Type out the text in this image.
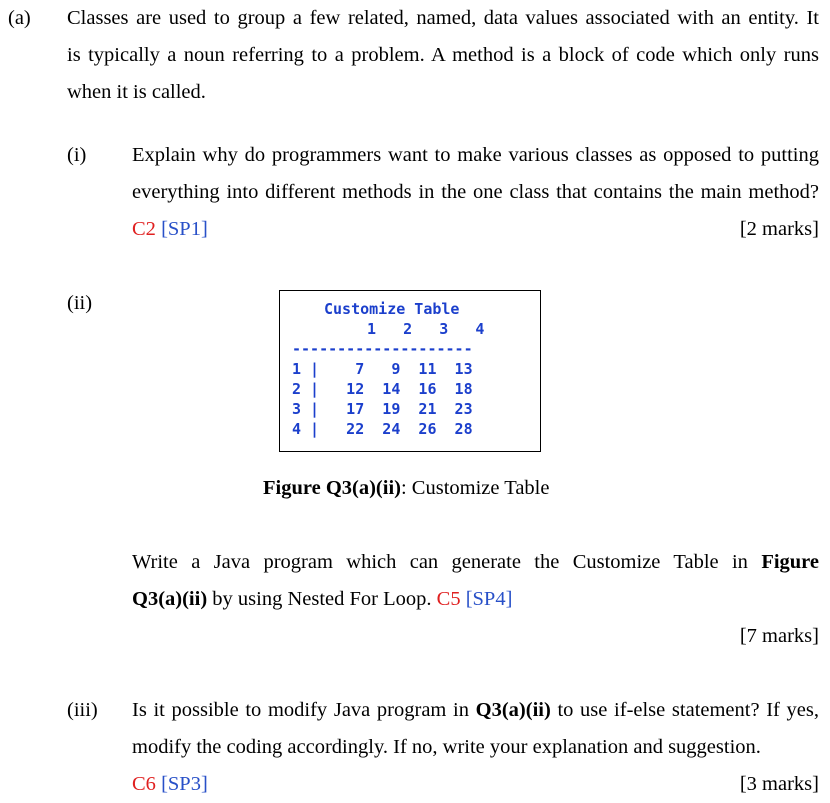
(a) Classes are used to group a few related, named, data values associated with an entity. It
is typically a noun referring to a problem. A method is a block of code which only runs
when it is called.
(i) Explain why do programmers want to make various classes as opposed to putting
everything into different methods in the one class that contains the main method?
C2 [SP1]	[2 marks]
(ii)	Customize Table
1   2   3   4
--------------------
1 |    7   9  11  13
2 |   12  14  16  18
3 |   17  19  21  23
4 |   22  24  26  28
Figure Q3(a)(ii): Customize Table
Write a Java program which can generate the Customize Table in Figure
Q3(a)(ii) by using Nested For Loop. C5 [SP4]
[7 marks]
(iii) Is it possible to modify Java program in Q3(a)(ii) to use if-else statement? If yes,
modify the coding accordingly. If no, write your explanation and suggestion.
C6 [SP3]	[3 marks]
